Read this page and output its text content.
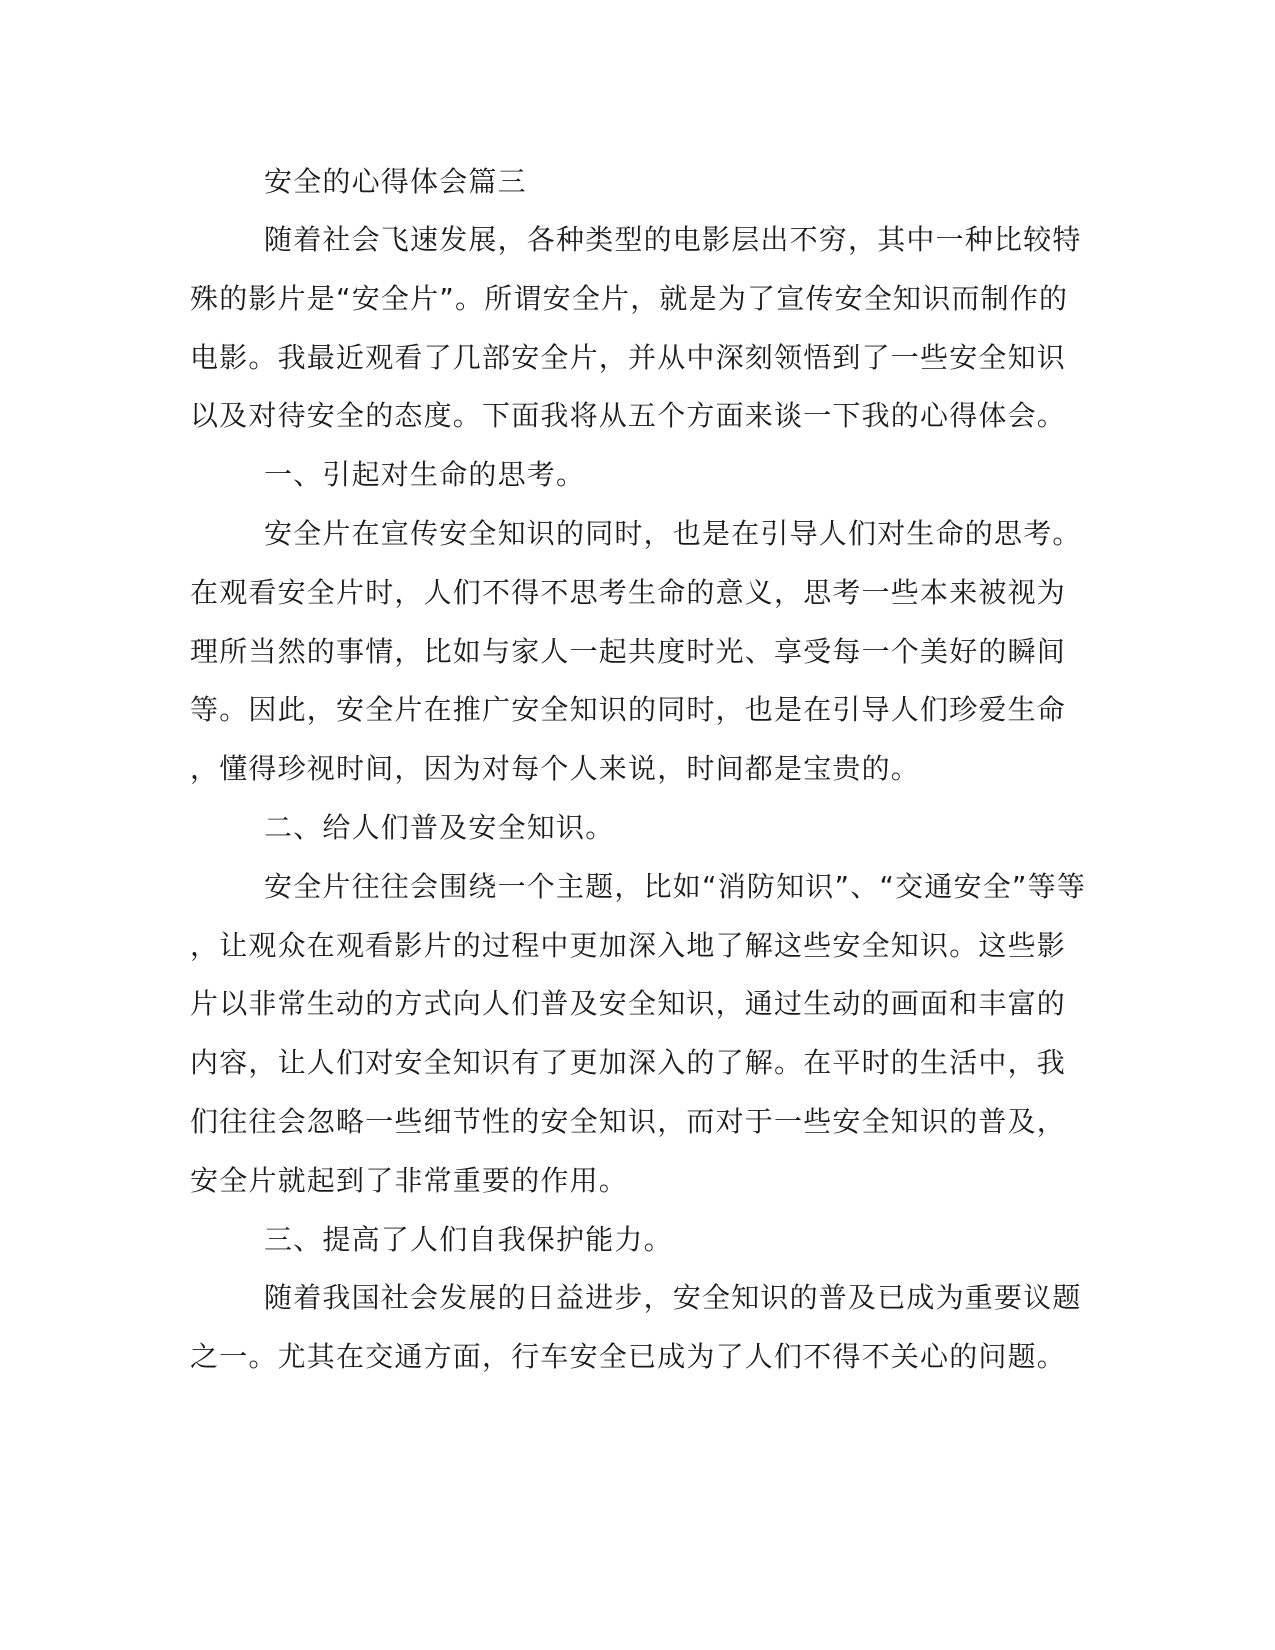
安全的心得体会篇三
随着社会飞速发展，各种类型的电影层出不穷，其中一种比较特
殊的影片是“安全片”。所谓安全片，就是为了宣传安全知识而制作的
电影。我最近观看了几部安全片，并从中深刻领悟到了一些安全知识
以及对待安全的态度。下面我将从五个方面来谈一下我的心得体会。
一、引起对生命的思考。
安全片在宣传安全知识的同时，也是在引导人们对生命的思考。
在观看安全片时，人们不得不思考生命的意义，思考一些本来被视为
理所当然的事情，比如与家人一起共度时光、享受每一个美好的瞬间
等。因此，安全片在推广安全知识的同时，也是在引导人们珍爱生命
，懂得珍视时间，因为对每个人来说，时间都是宝贵的。
二、给人们普及安全知识。
安全片往往会围绕一个主题，比如“消防知识”、“交通安全”等等
，让观众在观看影片的过程中更加深入地了解这些安全知识。这些影
片以非常生动的方式向人们普及安全知识，通过生动的画面和丰富的
内容，让人们对安全知识有了更加深入的了解。在平时的生活中，我
们往往会忽略一些细节性的安全知识，而对于一些安全知识的普及，
安全片就起到了非常重要的作用。
三、提高了人们自我保护能力。
随着我国社会发展的日益进步，安全知识的普及已成为重要议题
之一。尤其在交通方面，行车安全已成为了人们不得不关心的问题。
